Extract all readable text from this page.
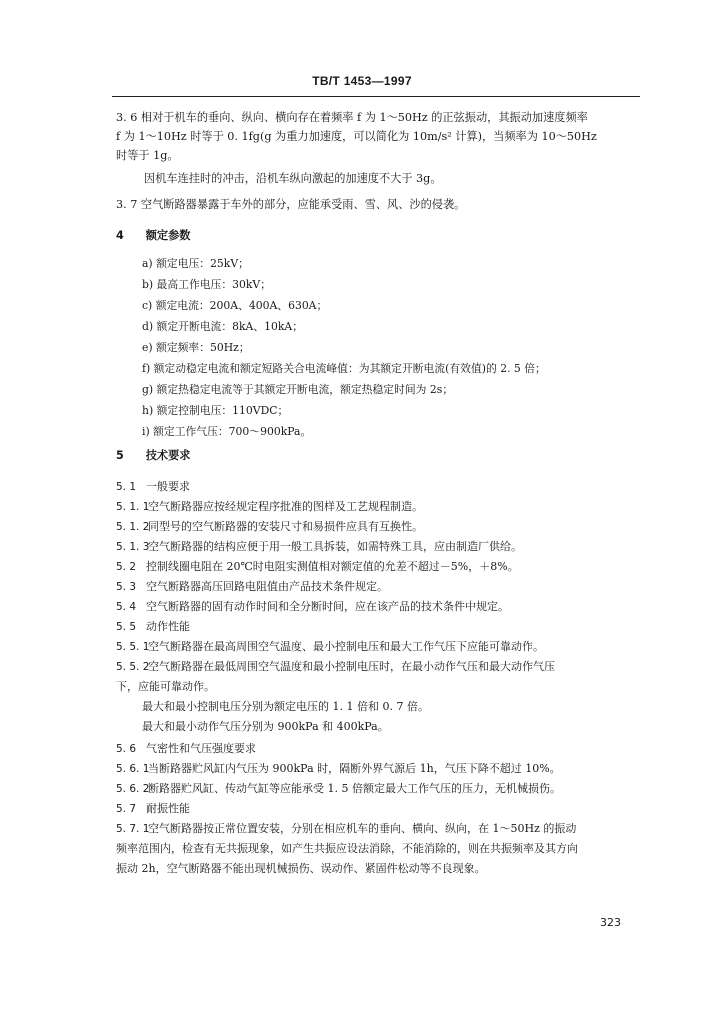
TB/T 1453—1997

3. 6 相对于机车的垂向、纵向、横向存在着频率 f 为 1～50Hz 的正弦振动，其振动加速度频率

f 为 1～10Hz 时等于 0. 1fg(g 为重力加速度，可以简化为 10m/s² 计算)，当频率为 10～50Hz

时等于 1g。

因机车连挂时的冲击，沿机车纵向激起的加速度不大于 3g。

3. 7 空气断路器暴露于车外的部分，应能承受雨、雪、风、沙的侵袭。

4 额定参数
a) 额定电压：25kV；
b) 最高工作电压：30kV；
c) 额定电流：200A、400A、630A；
d) 额定开断电流：8kA、10kA；
e) 额定频率：50Hz；
f) 额定动稳定电流和额定短路关合电流峰值：为其额定开断电流(有效值)的 2. 5 倍；
g) 额定热稳定电流等于其额定开断电流，额定热稳定时间为 2s；
h) 额定控制电压：110VDC；
i) 额定工作气压：700～900kPa。
5 技术要求
5. 1 一般要求
5. 1. 1空气断路器应按经规定程序批准的图样及工艺规程制造。
5. 1. 2同型号的空气断路器的安装尺寸和易损件应具有互换性。
5. 1. 3空气断路器的结构应便于用一般工具拆装，如需特殊工具，应由制造厂供给。
5. 2 控制线圈电阻在 20℃时电阻实测值相对额定值的允差不超过－5%，＋8%。
5. 3 空气断路器高压回路电阻值由产品技术条件规定。
5. 4 空气断路器的固有动作时间和全分断时间，应在该产品的技术条件中规定。
5. 5 动作性能
5. 5. 1空气断路器在最高周围空气温度、最小控制电压和最大工作气压下应能可靠动作。
5. 5. 2空气断路器在最低周围空气温度和最小控制电压时，在最小动作气压和最大动作气压
下，应能可靠动作。
最大和最小控制电压分别为额定电压的 1. 1 倍和 0. 7 倍。
最大和最小动作气压分别为 900kPa 和 400kPa。
5. 6 气密性和气压强度要求
5. 6. 1当断路器贮风缸内气压为 900kPa 时，隔断外界气源后 1h，气压下降不超过 10%。
5. 6. 2断路器贮风缸、传动气缸等应能承受 1. 5 倍额定最大工作气压的压力，无机械损伤。
5. 7 耐振性能
5. 7. 1空气断路器按正常位置安装，分别在相应机车的垂向、横向、纵向，在 1～50Hz 的振动
频率范围内，检查有无共振现象，如产生共振应设法消除，不能消除的，则在共振频率及其方向
振动 2h，空气断路器不能出现机械损伤、误动作、紧固件松动等不良现象。
323
